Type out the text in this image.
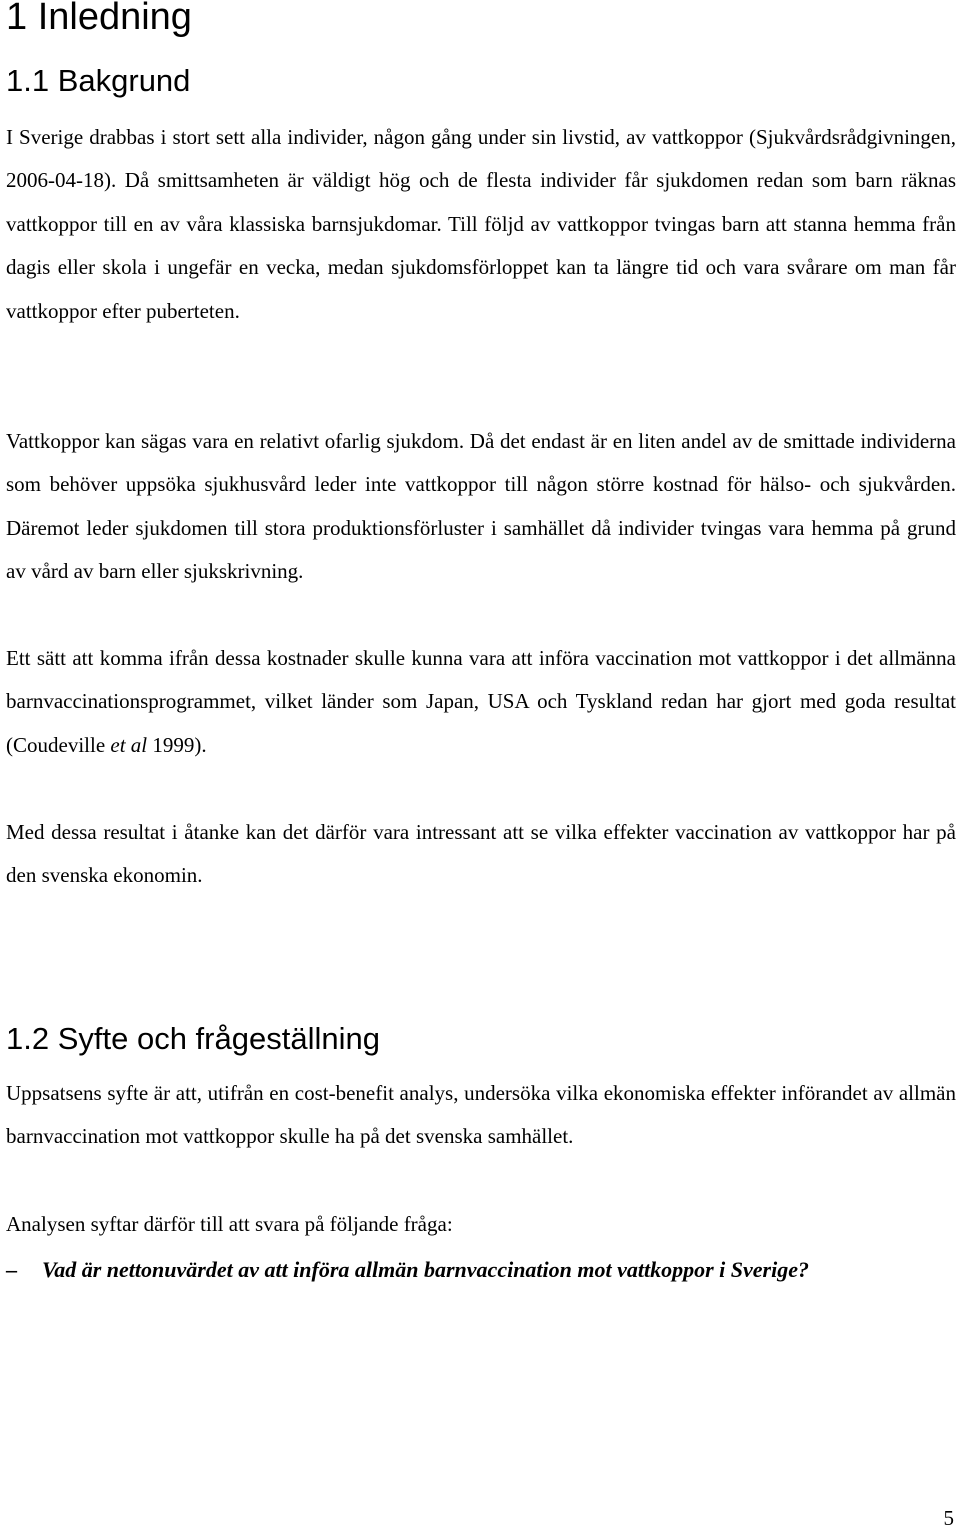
1 Inledning
1.1 Bakgrund

I Sverige drabbas i stort sett alla individer, någon gång under sin livstid, av vattkoppor (Sjukvårdsrådgivningen, 2006-04-18). Då smittsamheten är väldigt hög och de flesta individer får sjukdomen redan som barn räknas vattkoppor till en av våra klassiska barnsjukdomar. Till följd av vattkoppor tvingas barn att stanna hemma från dagis eller skola i ungefär en vecka, medan sjukdomsförloppet kan ta längre tid och vara svårare om man får vattkoppor efter puberteten.

Vattkoppor kan sägas vara en relativt ofarlig sjukdom. Då det endast är en liten andel av de smittade individerna som behöver uppsöka sjukhusvård leder inte vattkoppor till någon större kostnad för hälso- och sjukvården. Däremot leder sjukdomen till stora produktionsförluster i samhället då individer tvingas vara hemma på grund av vård av barn eller sjukskrivning.

Ett sätt att komma ifrån dessa kostnader skulle kunna vara att införa vaccination mot vattkoppor i det allmänna barnvaccinationsprogrammet, vilket länder som Japan, USA och Tyskland redan har gjort med goda resultat (Coudeville et al 1999).

Med dessa resultat i åtanke kan det därför vara intressant att se vilka effekter vaccination av vattkoppor har på den svenska ekonomin.

1.2 Syfte och frågeställning

Uppsatsens syfte är att, utifrån en cost-benefit analys, undersöka vilka ekonomiska effekter införandet av allmän barnvaccination mot vattkoppor skulle ha på det svenska samhället.

Analysen syftar därför till att svara på följande fråga:

– Vad är nettonuvärdet av att införa allmän barnvaccination mot vattkoppor i Sverige?

5
